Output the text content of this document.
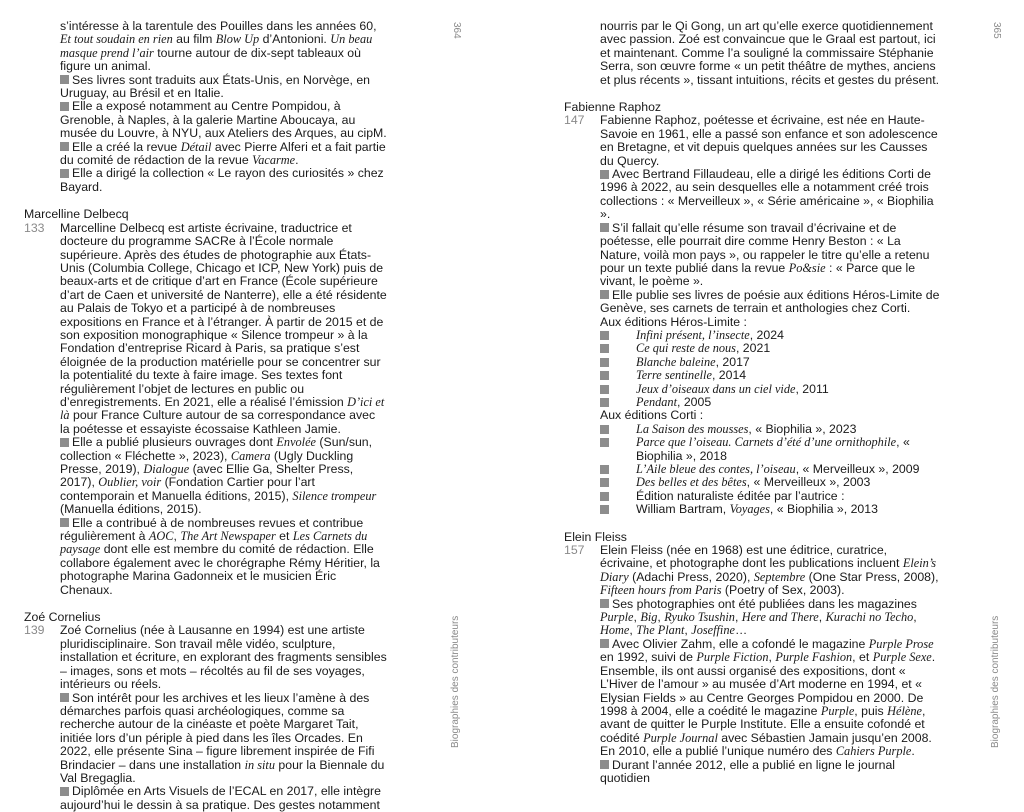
364
Biographies des contributeurs

s’intéresse à la tarentule des Pouilles dans les années 60, Et tout soudain en rien au film Blow Up d’Antonioni. Un beau masque prend l’air tourne autour de dix-sept tableaux où figure un animal.

Ses livres sont traduits aux États-Unis, en Norvège, en Uruguay, au Brésil et en Italie.

Elle a exposé notamment au Centre Pompidou, à Grenoble, à Naples, à la galerie Martine Aboucaya, au musée du Louvre, à NYU, aux Ateliers des Arques, au cipM.

Elle a créé la revue Détail avec Pierre Alferi et a fait partie du comité de rédaction de la revue Vacarme.

Elle a dirigé la collection « Le rayon des curiosités » chez Bayard.

Marcelline Delbecq

133 Marcelline Delbecq est artiste écrivaine, traductrice et docteure du programme SACRe à l’École normale supérieure. Après des études de photographie aux États-Unis (Columbia College, Chicago et ICP, New York) puis de beaux-arts et de critique d’art en France (École supérieure d’art de Caen et université de Nanterre), elle a été résidente au Palais de Tokyo et a participé à de nombreuses expositions en France et à l’étranger. À partir de 2015 et de son exposition monographique « Silence trompeur » à la Fondation d’entreprise Ricard à Paris, sa pratique s’est éloignée de la production matérielle pour se concentrer sur la potentialité du texte à faire image. Ses textes font régulièrement l’objet de lectures en public ou d’enregistrements. En 2021, elle a réalisé l’émission D’ici et là pour France Culture autour de sa correspondance avec la poétesse et essayiste écossaise Kathleen Jamie.

Elle a publié plusieurs ouvrages dont Envolée (Sun/sun, collection « Fléchette », 2023), Camera (Ugly Duckling Presse, 2019), Dialogue (avec Ellie Ga, Shelter Press, 2017), Oublier, voir (Fondation Cartier pour l’art contemporain et Manuella éditions, 2015), Silence trompeur (Manuella éditions, 2015).

Elle a contribué à de nombreuses revues et contribue régulièrement à AOC, The Art Newspaper et Les Carnets du paysage dont elle est membre du comité de rédaction. Elle collabore également avec le chorégraphe Rémy Héritier, la photographe Marina Gadonneix et le musicien Éric Chenaux.

Zoé Cornelius

139 Zoé Cornelius (née à Lausanne en 1994) est une artiste pluridisciplinaire. Son travail mêle vidéo, sculpture, installation et écriture, en explorant des fragments sensibles – images, sons et mots – récoltés au fil de ses voyages, intérieurs ou réels.

Son intérêt pour les archives et les lieux l’amène à des démarches parfois quasi archéologiques, comme sa recherche autour de la cinéaste et poète Margaret Tait, initiée lors d’un périple à pied dans les îles Orcades. En 2022, elle présente Sina – figure librement inspirée de Fifi Brindacier – dans une installation in situ pour la Biennale du Val Bregaglia.

Diplômée en Arts Visuels de l’ECAL en 2017, elle intègre aujourd’hui le dessin à sa pratique. Des gestes notamment

365
Biographies des contributeurs

nourris par le Qi Gong, un art qu’elle exerce quotidiennement avec passion. Zoé est convaincue que le Graal est partout, ici et maintenant. Comme l’a souligné la commissaire Stéphanie Serra, son œuvre forme « un petit théâtre de mythes, anciens et plus récents », tissant intuitions, récits et gestes du présent.

Fabienne Raphoz

147 Fabienne Raphoz, poétesse et écrivaine, est née en Haute-Savoie en 1961, elle a passé son enfance et son adolescence en Bretagne, et vit depuis quelques années sur les Causses du Quercy.

Avec Bertrand Fillaudeau, elle a dirigé les éditions Corti de 1996 à 2022, au sein desquelles elle a notamment créé trois collections : « Merveilleux », « Série américaine », « Biophilia ».

S’il fallait qu’elle résume son travail d’écrivaine et de poétesse, elle pourrait dire comme Henry Beston : « La Nature, voilà mon pays », ou rappeler le titre qu’elle a retenu pour un texte publié dans la revue Po&sie : « Parce que le vivant, le poème ».

Elle publie ses livres de poésie aux éditions Héros-Limite de Genève, ses carnets de terrain et anthologies chez Corti.

Aux éditions Héros-Limite :

Infini présent, l’insecte, 2024
Ce qui reste de nous, 2021
Blanche baleine, 2017
Terre sentinelle, 2014
Jeux d’oiseaux dans un ciel vide, 2011
Pendant, 2005

Aux éditions Corti :

La Saison des mousses, « Biophilia », 2023
Parce que l’oiseau. Carnets d’été d’une ornithophile, « Biophilia », 2018
L’Aile bleue des contes, l’oiseau, « Merveilleux », 2009
Des belles et des bêtes, « Merveilleux », 2003
Édition naturaliste éditée par l’autrice :
William Bartram, Voyages, « Biophilia », 2013

Elein Fleiss

157 Elein Fleiss (née en 1968) est une éditrice, curatrice, écrivaine, et photographe dont les publications incluent Elein’s Diary (Adachi Press, 2020), Septembre (One Star Press, 2008), Fifteen hours from Paris (Poetry of Sex, 2003).

Ses photographies ont été publiées dans les magazines Purple, Big, Ryuko Tsushin, Here and There, Kurachi no Techo, Home, The Plant, Joseffine…

Avec Olivier Zahm, elle a cofondé le magazine Purple Prose en 1992, suivi de Purple Fiction, Purple Fashion, et Purple Sexe. Ensemble, ils ont aussi organisé des expositions, dont « L’Hiver de l’amour » au musée d’Art moderne en 1994, et « Elysian Fields » au Centre Georges Pompidou en 2000. De 1998 à 2004, elle a coédité le magazine Purple, puis Hélène, avant de quitter le Purple Institute. Elle a ensuite cofondé et coédité Purple Journal avec Sébastien Jamain jusqu’en 2008. En 2010, elle a publié l’unique numéro des Cahiers Purple.

Durant l’année 2012, elle a publié en ligne le journal quotidien
